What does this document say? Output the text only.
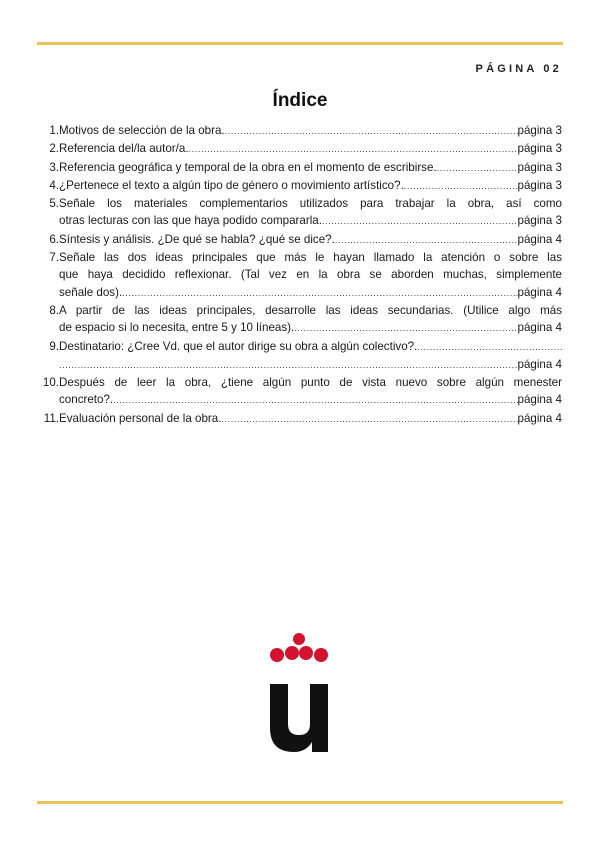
PÁGINA 02
Índice
1. Motivos de selección de la obra. .....	página 3
2. Referencia del/la autor/a. .....	página 3
3. Referencia geográfica y temporal de la obra en el momento de escribirse. .....	página 3
4. ¿Pertenece el texto a algún tipo de género o movimiento artístico?. .....	página 3
5. Señale los materiales complementarios utilizados para trabajar la obra, así como
otras lecturas con las que haya podido compararla. .....	página 3
6. Síntesis y análisis. ¿De qué se habla? ¿qué se dice?. .....	página 4
7. Señale las dos ideas principales que más le hayan llamado la atención o sobre las
que haya decidido reflexionar. (Tal vez en la obra se aborden muchas, simplemente
señale dos). .....	página 4
8. A partir de las ideas principales, desarrolle las ideas secundarias. (Utilice algo más
de espacio si lo necesita, entre 5 y 10 líneas). .....	página 4
9. Destinatario: ¿Cree Vd. que el autor dirige su obra a algún colectivo?.
.....
.....
página 4
10. Después de leer la obra, ¿tiene algún punto de vista nuevo sobre algún menester
concreto?. .....	página 4
11. Evaluación personal de la obra. .....	página 4
